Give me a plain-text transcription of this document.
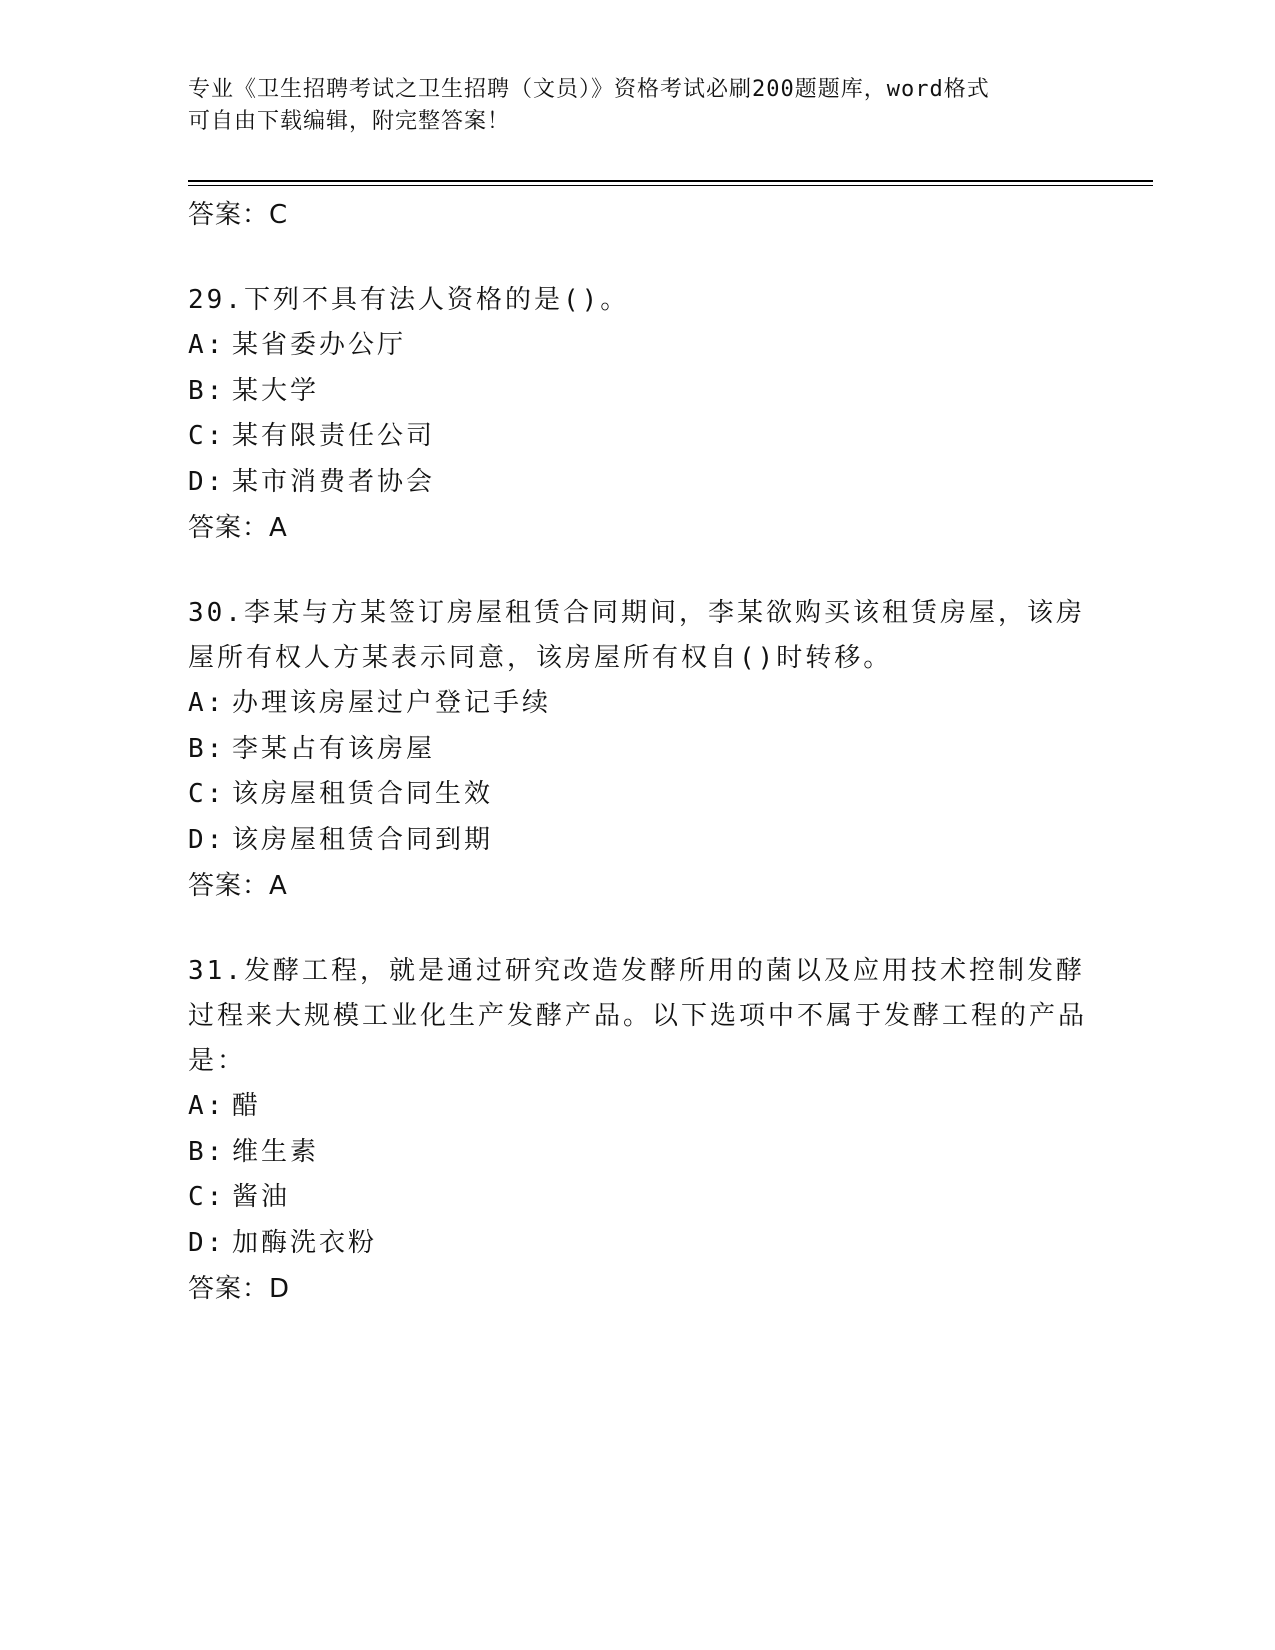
专业《卫生招聘考试之卫生招聘（文员）》资格考试必刷200题题库，word格式
可自由下载编辑，附完整答案！
答案：C
29.下列不具有法人资格的是()。
A: 某省委办公厅
B: 某大学
C: 某有限责任公司
D: 某市消费者协会
答案：A
30.李某与方某签订房屋租赁合同期间，李某欲购买该租赁房屋，该房屋所有权人方某表示同意，该房屋所有权自()时转移。
A: 办理该房屋过户登记手续
B: 李某占有该房屋
C: 该房屋租赁合同生效
D: 该房屋租赁合同到期
答案：A
31.发酵工程，就是通过研究改造发酵所用的菌以及应用技术控制发酵过程来大规模工业化生产发酵产品。以下选项中不属于发酵工程的产品是：
A: 醋
B: 维生素
C: 酱油
D: 加酶洗衣粉
答案：D
